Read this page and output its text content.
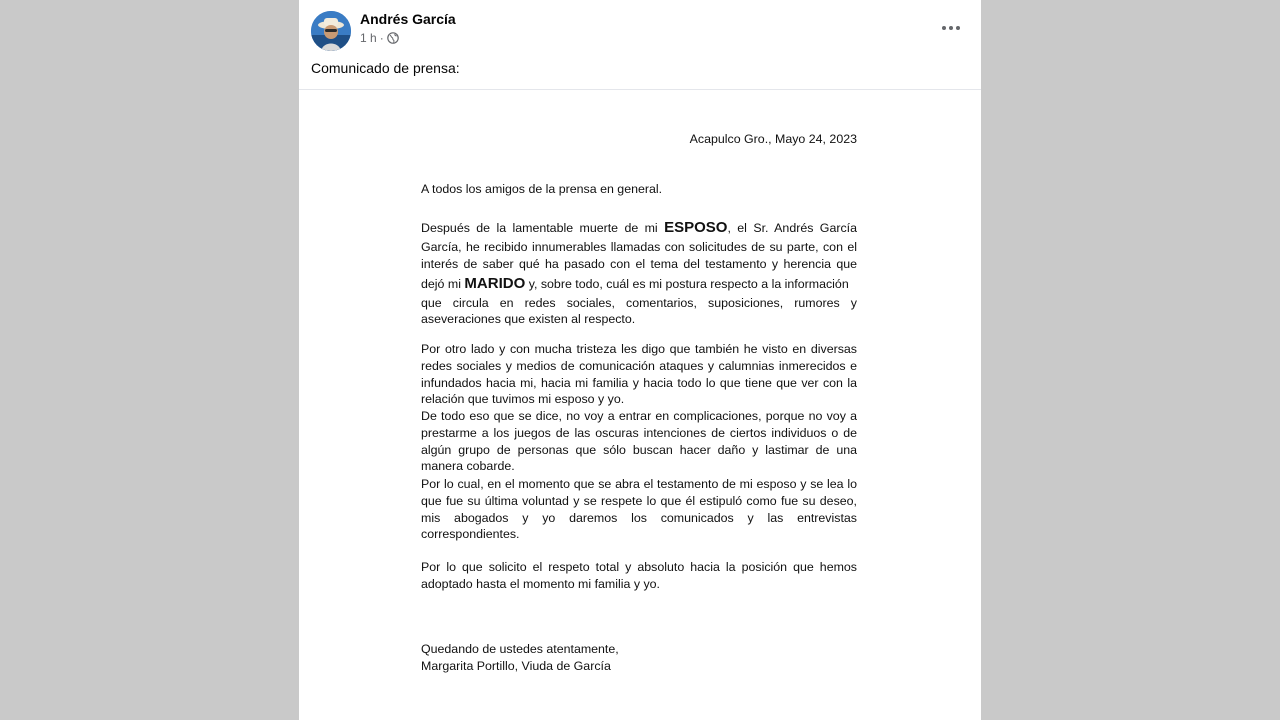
Andrés García
1 h ·
Comunicado de prensa:
Acapulco Gro., Mayo 24, 2023
A todos los amigos de la prensa en general.
Después de la lamentable muerte de mi ESPOSO, el Sr. Andrés García
García, he recibido innumerables llamadas con solicitudes de su parte, con el
interés de saber qué ha pasado con el tema del testamento y herencia que
dejó mi MARIDO y, sobre todo, cuál es mi postura respecto a la información
que circula en redes sociales, comentarios, suposiciones, rumores y
aseveraciones que existen al respecto.
Por otro lado y con mucha tristeza les digo que también he visto en diversas
redes sociales y medios de comunicación ataques y calumnias inmerecidos e
infundados hacia mi, hacia mi familia y hacia todo lo que tiene que ver con la
relación que tuvimos mi esposo y yo.
De todo eso que se dice, no voy a entrar en complicaciones, porque no voy a
prestarme a los juegos de las oscuras intenciones de ciertos individuos o de
algún grupo de personas que sólo buscan hacer daño y lastimar de una
manera cobarde.
Por lo cual, en el momento que se abra el testamento de mi esposo y se lea lo
que fue su última voluntad y se respete lo que él estipuló como fue su deseo,
mis abogados y yo daremos los comunicados y las entrevistas
correspondientes.
Por lo que solicito el respeto total y absoluto hacia la posición que hemos
adoptado hasta el momento mi familia y yo.
Quedando de ustedes atentamente,
Margarita Portillo, Viuda de García
